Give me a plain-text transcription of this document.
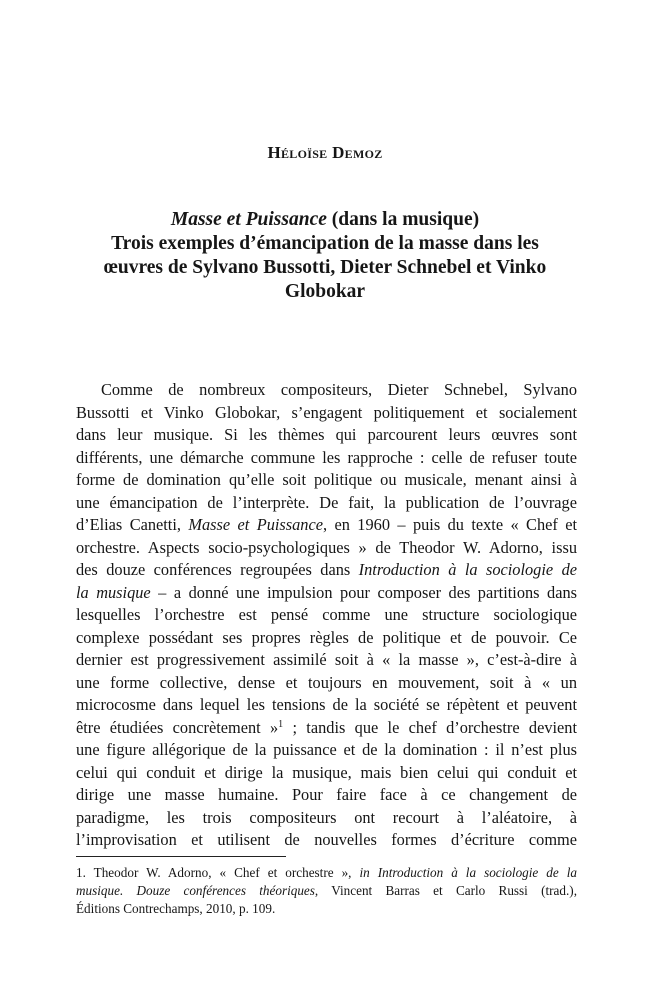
Héloïse Demoz
Masse et Puissance (dans la musique)
Trois exemples d’émancipation de la masse dans les
œuvres de Sylvano Bussotti, Dieter Schnebel et Vinko
Globokar
Comme de nombreux compositeurs, Dieter Schnebel, Sylvano
Bussotti et Vinko Globokar, s’engagent politiquement et socialement
dans leur musique. Si les thèmes qui parcourent leurs œuvres sont
différents, une démarche commune les rapproche : celle de refuser toute
forme de domination qu’elle soit politique ou musicale, menant ainsi à
une émancipation de l’interprète. De fait, la publication de l’ouvrage
d’Elias Canetti, Masse et Puissance, en 1960 – puis du texte « Chef et
orchestre. Aspects socio-psychologiques » de Theodor W. Adorno, issu
des douze conférences regroupées dans Introduction à la sociologie de
la musique – a donné une impulsion pour composer des partitions dans
lesquelles l’orchestre est pensé comme une structure sociologique
complexe possédant ses propres règles de politique et de pouvoir. Ce
dernier est progressivement assimilé soit à « la masse », c’est-à-dire à
une forme collective, dense et toujours en mouvement, soit à « un
microcosme dans lequel les tensions de la société se répètent et peuvent
être étudiées concrètement »$^1$ ; tandis que le chef d’orchestre devient
une figure allégorique de la puissance et de la domination : il n’est plus
celui qui conduit et dirige la musique, mais bien celui qui conduit et
dirige une masse humaine. Pour faire face à ce changement de
paradigme, les trois compositeurs ont recourt à l’aléatoire, à
l’improvisation et utilisent de nouvelles formes d’écriture comme
1. Theodor W. Adorno, « Chef et orchestre », in Introduction à la sociologie de la
musique. Douze conférences théoriques, Vincent Barras et Carlo Russi (trad.),
Éditions Contrechamps, 2010, p. 109.
